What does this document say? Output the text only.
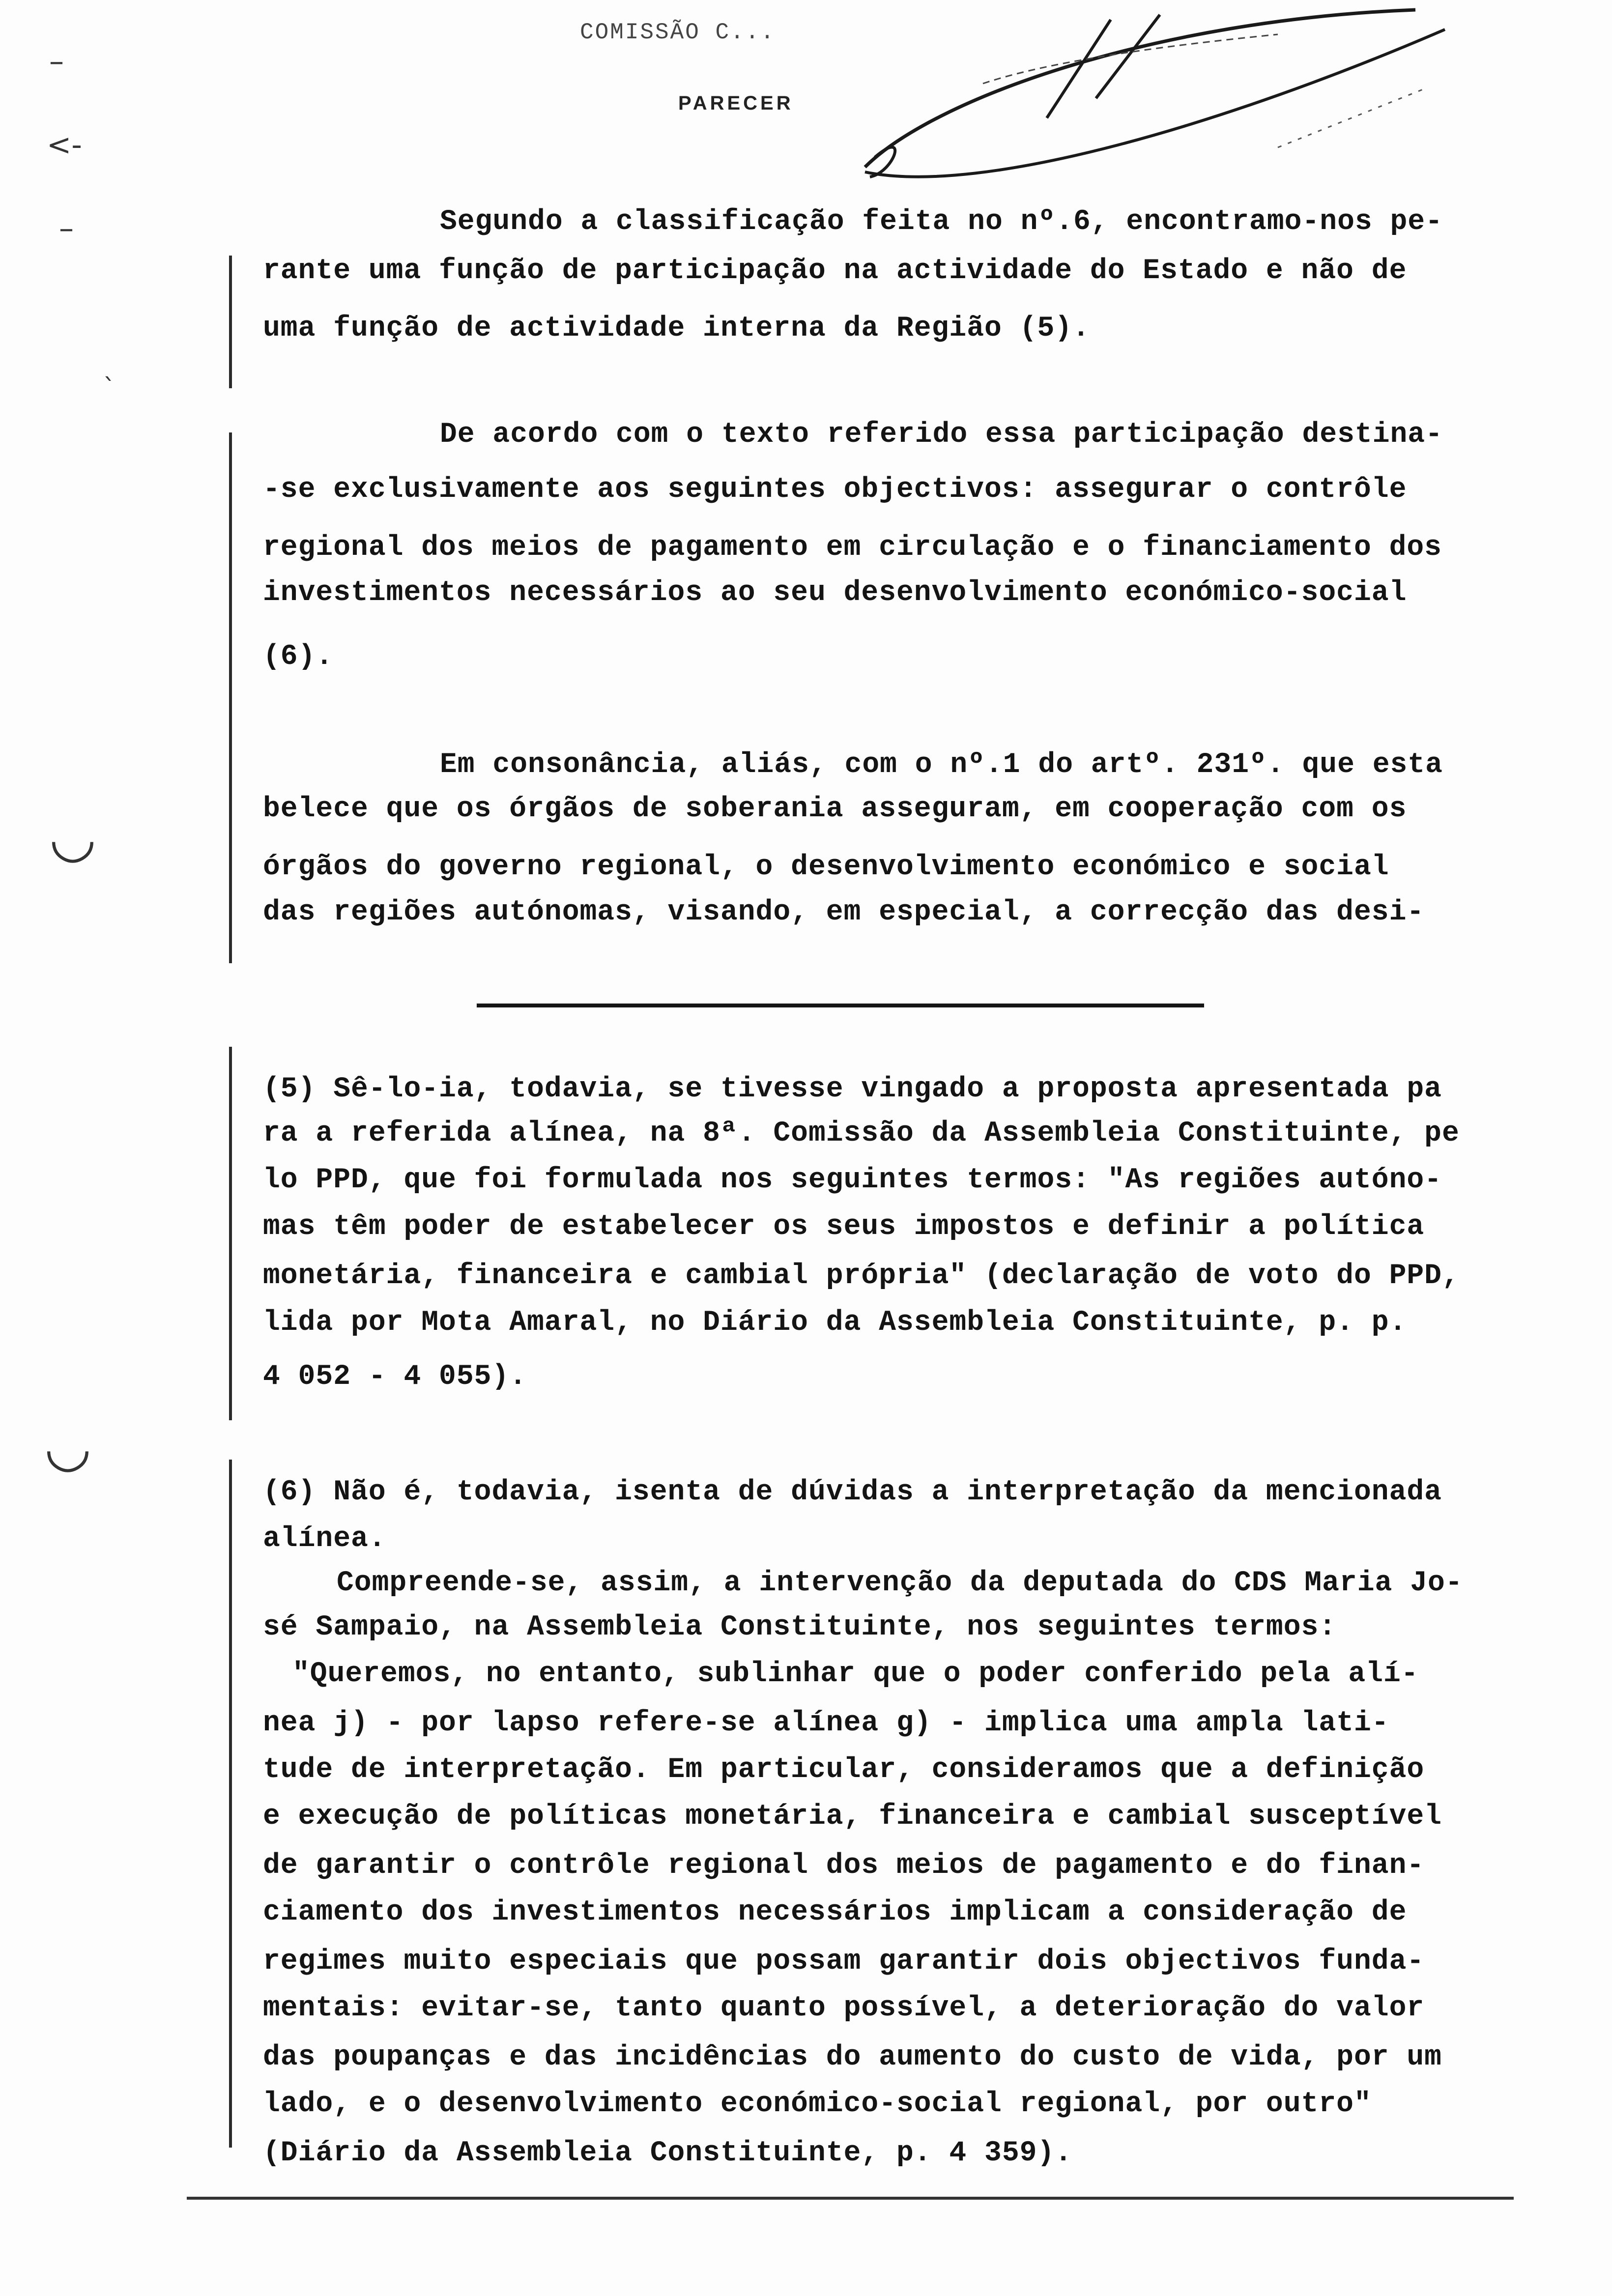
COMISSÃO C...
PARECER
–
<-
–
`
◡
◡
Segundo a classificação feita no nº.6, encontramo-nos pe-
rante uma função de participação na actividade do Estado e não de
uma função de actividade interna da Região (5).
De acordo com o texto referido essa participação destina-
-se exclusivamente aos seguintes objectivos: assegurar o contrôle
regional dos meios de pagamento em circulação e o financiamento dos
investimentos necessários ao seu desenvolvimento económico-social
(6).
Em consonância, aliás, com o nº.1 do artº. 231º. que esta
belece que os órgãos de soberania asseguram, em cooperação com os
órgãos do governo regional, o desenvolvimento económico e social
das regiões autónomas, visando, em especial, a correcção das desi-
(5) Sê-lo-ia, todavia, se tivesse vingado a proposta apresentada pa
ra a referida alínea, na 8ª. Comissão da Assembleia Constituinte, pe
lo PPD, que foi formulada nos seguintes termos: "As regiões autóno-
mas têm poder de estabelecer os seus impostos e definir a política
monetária, financeira e cambial própria" (declaração de voto do PPD,
lida por Mota Amaral, no Diário da Assembleia Constituinte, p. p.
4 052 - 4 055).
(6) Não é, todavia, isenta de dúvidas a interpretação da mencionada
alínea.
Compreende-se, assim, a intervenção da deputada do CDS Maria Jo-
sé Sampaio, na Assembleia Constituinte, nos seguintes termos:
"Queremos, no entanto, sublinhar que o poder conferido pela alí-
nea j) - por lapso refere-se alínea g) - implica uma ampla lati-
tude de interpretação. Em particular, consideramos que a definição
e execução de políticas monetária, financeira e cambial susceptível
de garantir o contrôle regional dos meios de pagamento e do finan-
ciamento dos investimentos necessários implicam a consideração de
regimes muito especiais que possam garantir dois objectivos funda-
mentais: evitar-se, tanto quanto possível, a deterioração do valor
das poupanças e das incidências do aumento do custo de vida, por um
lado, e o desenvolvimento económico-social regional, por outro"
(Diário da Assembleia Constituinte, p. 4 359).
